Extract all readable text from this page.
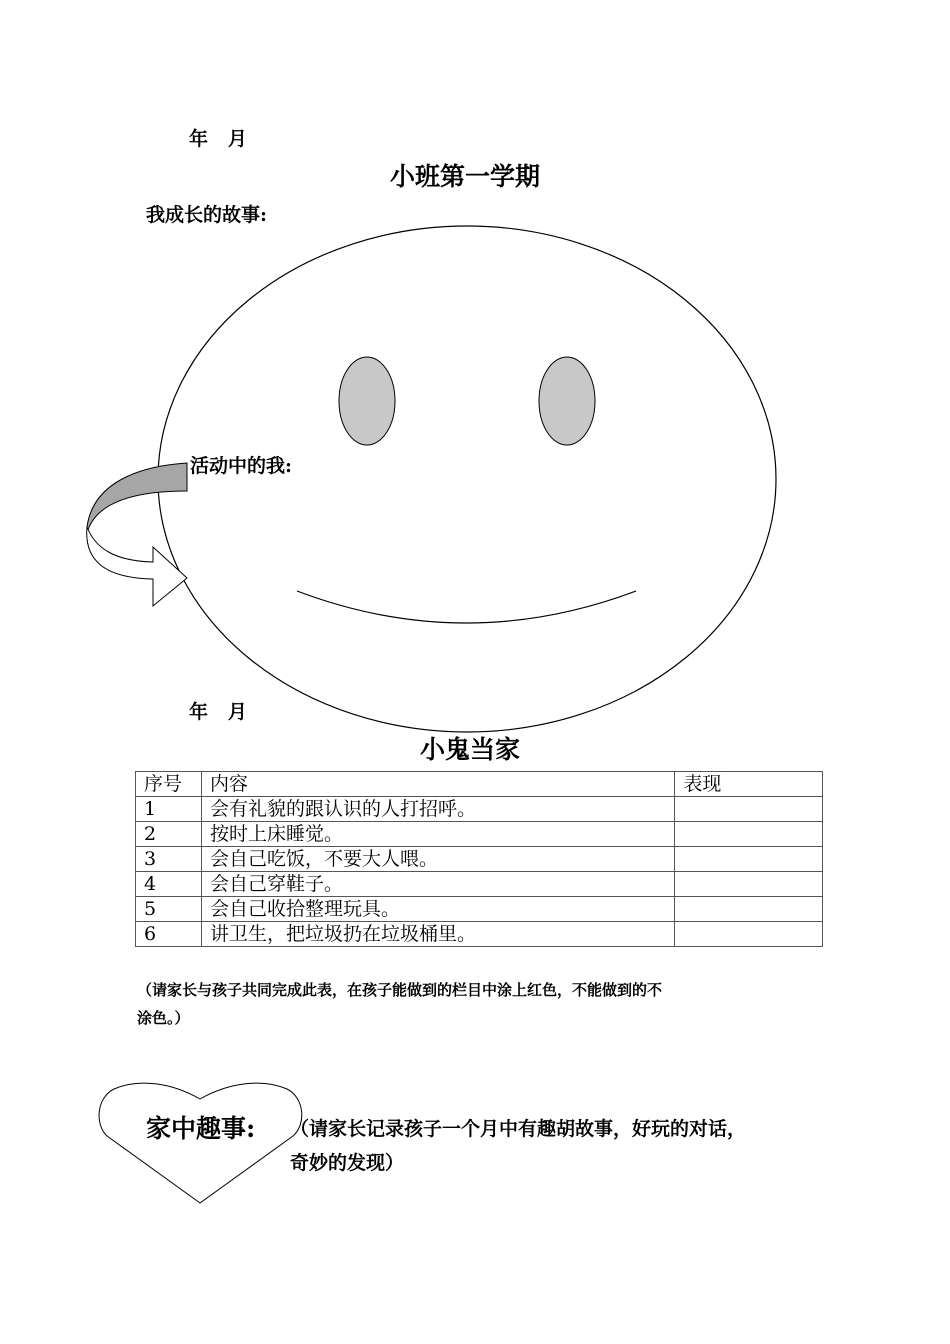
年   月
小班第一学期
我成长的故事:
活动中的我:
年   月
小鬼当家
序号	内容	表现
1	会有礼貌的跟认识的人打招呼。	
2	按时上床睡觉。	
3	会自己吃饭，不要大人喂。	
4	会自己穿鞋子。	
5	会自己收拾整理玩具。	
6	讲卫生，把垃圾扔在垃圾桶里。	
（请家长与孩子共同完成此表，在孩子能做到的栏目中涂上红色，不能做到的不
涂色。）
家中趣事: （请家长记录孩子一个月中有趣胡故事，好玩的对话，
奇妙的发现）
